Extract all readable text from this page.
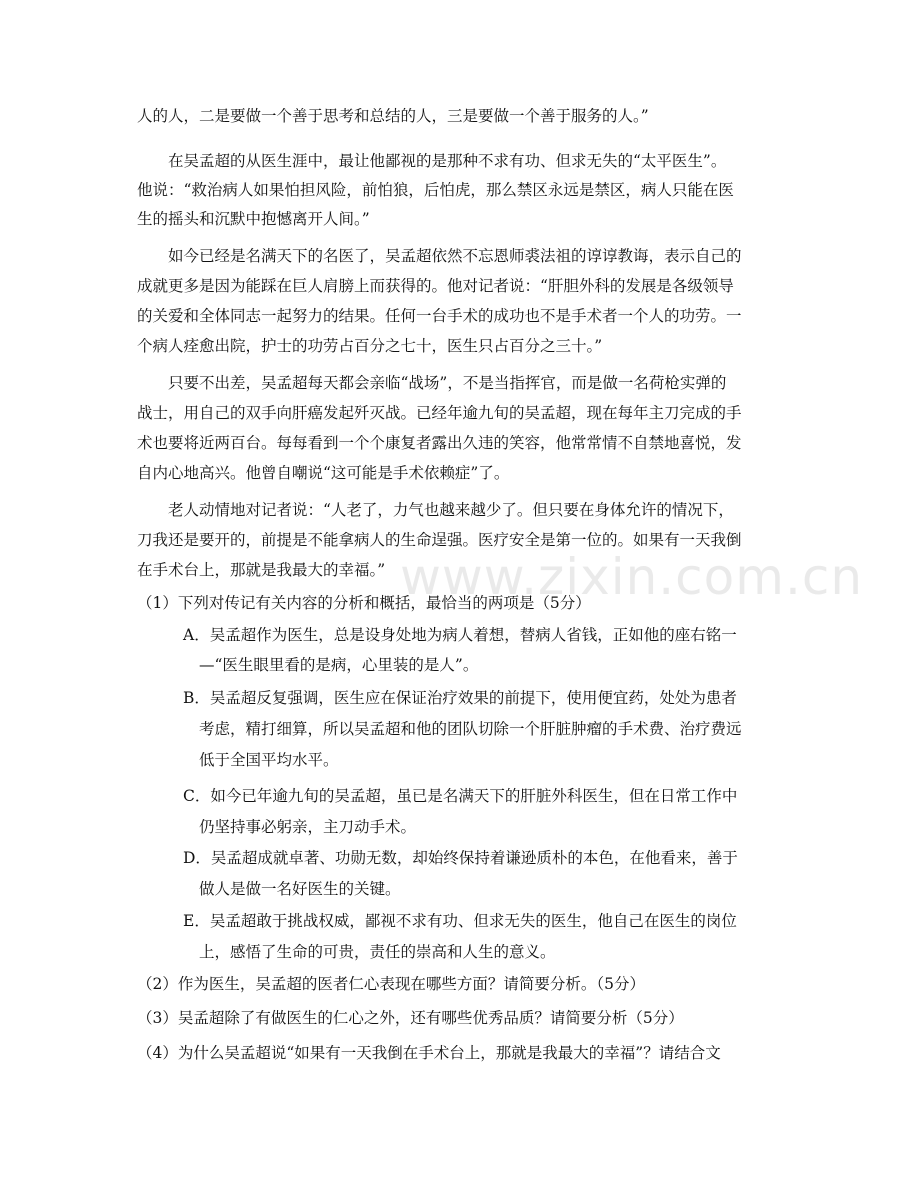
人的人，二是要做一个善于思考和总结的人，三是要做一个善于服务的人。”
在吴孟超的从医生涯中，最让他鄙视的是那种不求有功、但求无失的“太平医生”。
他说：“救治病人如果怕担风险，前怕狼，后怕虎，那么禁区永远是禁区，病人只能在医
生的摇头和沉默中抱憾离开人间。”
如今已经是名满天下的名医了，吴孟超依然不忘恩师裘法祖的谆谆教诲，表示自己的
成就更多是因为能踩在巨人肩膀上而获得的。他对记者说：“肝胆外科的发展是各级领导
的关爱和全体同志一起努力的结果。任何一台手术的成功也不是手术者一个人的功劳。一
个病人痊愈出院，护士的功劳占百分之七十，医生只占百分之三十。”
只要不出差，吴孟超每天都会亲临“战场”，不是当指挥官，而是做一名荷枪实弹的
战士，用自己的双手向肝癌发起歼灭战。已经年逾九旬的吴孟超，现在每年主刀完成的手
术也要将近两百台。每每看到一个个康复者露出久违的笑容，他常常情不自禁地喜悦，发
自内心地高兴。他曾自嘲说“这可能是手术依赖症”了。
老人动情地对记者说：“人老了，力气也越来越少了。但只要在身体允许的情况下，
刀我还是要开的，前提是不能拿病人的生命逞强。医疗安全是第一位的。如果有一天我倒
在手术台上，那就是我最大的幸福。”
（1）下列对传记有关内容的分析和概括，最恰当的两项是（5分）
A．吴孟超作为医生，总是设身处地为病人着想，替病人省钱，正如他的座右铭一
—“医生眼里看的是病，心里装的是人”。
B．吴孟超反复强调，医生应在保证治疗效果的前提下，使用便宜药，处处为患者
考虑，精打细算，所以吴孟超和他的团队切除一个肝脏肿瘤的手术费、治疗费远
低于全国平均水平。
C．如今已年逾九旬的吴孟超，虽已是名满天下的肝脏外科医生，但在日常工作中
仍坚持事必躬亲，主刀动手术。
D．吴孟超成就卓著、功勋无数，却始终保持着谦逊质朴的本色，在他看来，善于
做人是做一名好医生的关键。
E．吴孟超敢于挑战权威，鄙视不求有功、但求无失的医生，他自己在医生的岗位
上，感悟了生命的可贵，责任的崇高和人生的意义。
（2）作为医生，吴孟超的医者仁心表现在哪些方面？请简要分析。（5分）
（3）吴孟超除了有做医生的仁心之外，还有哪些优秀品质？请简要分析（5分）
（4）为什么吴孟超说“如果有一天我倒在手术台上，那就是我最大的幸福”？请结合文
www.zixin.com.cn
